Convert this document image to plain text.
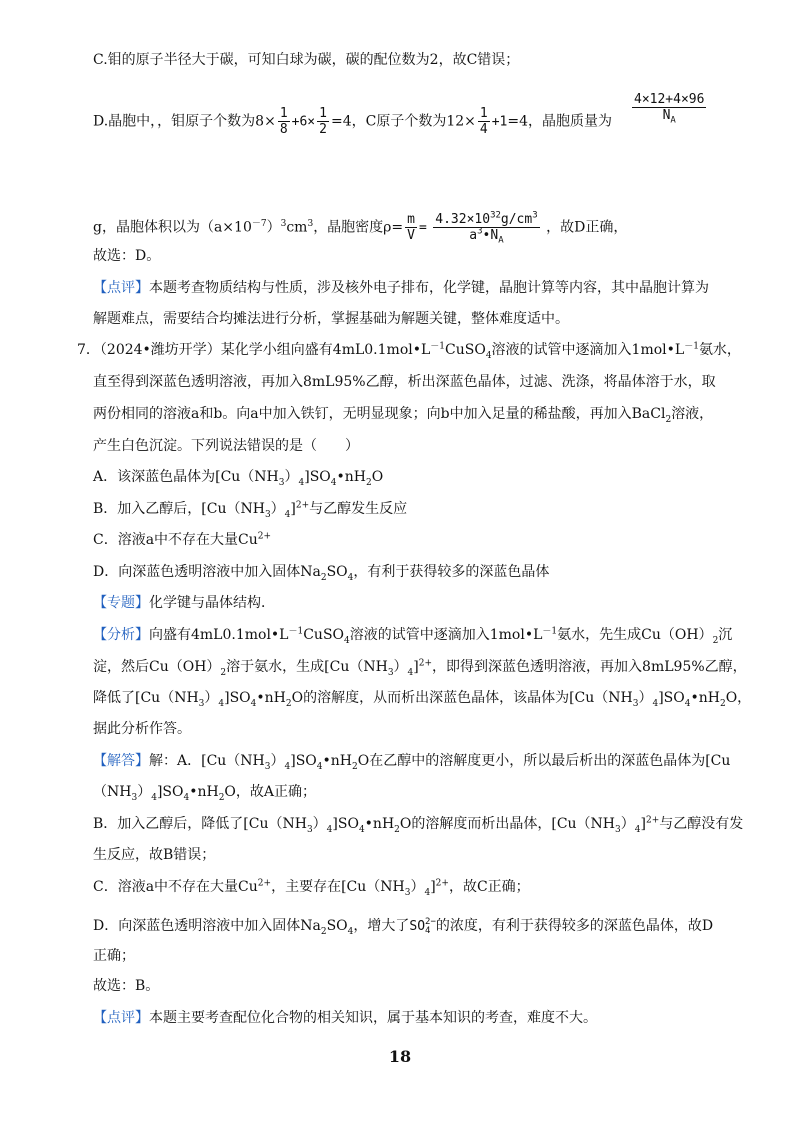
C.钼的原子半径大于碳，可知白球为碳，碳的配位数为2，故C错误；
D.晶胞中，，钼原子个数为$8\times \frac{1}{8} +6\times \frac{1}{2} =4$，C原子个数为$12\times \frac{1}{4} +1=4$，晶胞质量为 $\frac{4\times 12+4\times 96}{N_A}$
g，晶胞体积以为$(a\times 10^{-7})^3cm^3$，晶胞密度$\rho= \frac{m}{V} = \frac{4.32\times 10^{32}g/cm^3}{a^3•N_A}$ ，故D正确，
故选：D。
【点评】本题考查物质结构与性质，涉及核外电子排布，化学键，晶胞计算等内容，其中晶胞计算为
解题难点，需要结合均摊法进行分析，掌握基础为解题关键，整体难度适中。
7．（2024•潍坊开学）某化学小组向盛有$4mL0.1mol•L^{-1}CuSO_4$溶液的试管中逐滴加入$1mol•L^{-1}$氨水，
直至得到深蓝色透明溶液，再加入8mL95%乙醇，析出深蓝色晶体，过滤、洗涤，将晶体溶于水，取
两份相同的溶液a和b。向a中加入铁钉，无明显现象；向b中加入足量的稀盐酸，再加入BaCl$_2$溶液，
产生白色沉淀。下列说法错误的是（　　）
A．该深蓝色晶体为$[Cu(NH_3)_4]SO_4•nH_2O$
B．加入乙醇后，$[Cu(NH_3)_4]^{2+}$与乙醇发生反应
C．溶液a中不存在大量$Cu^{2+}$
D．向深蓝色透明溶液中加入固体$Na_2SO_4$，有利于获得较多的深蓝色晶体
【专题】化学键与晶体结构．
【分析】向盛有$4mL0.1mol•L^{-1}CuSO_4$溶液的试管中逐滴加入$1mol•L^{-1}$氨水，先生成$Cu(OH)_2$沉
淀，然后$Cu(OH)_2$溶于氨水，生成$[Cu(NH_3)_4]^{2+}$，即得到深蓝色透明溶液，再加入8mL95%乙醇，
降低了$[Cu(NH_3)_4]SO_4•nH_2O$的溶解度，从而析出深蓝色晶体，该晶体为$[Cu(NH_3)_4]SO_4•nH_2O$，
据此分析作答。
【解答】解：A．$[Cu(NH_3)_4]SO_4•nH_2O$在乙醇中的溶解度更小，所以最后析出的深蓝色晶体为[Cu
$(NH_3)_4]SO_4•nH_2O$，故A正确；
B．加入乙醇后，降低了$[Cu(NH_3)_4]SO_4•nH_2O$的溶解度而析出晶体，$[Cu(NH_3)_4]^{2+}$与乙醇没有发
生反应，故B错误；
C．溶液a中不存在大量$Cu^{2+}$，主要存在$[Cu(NH_3)_4]^{2+}$，故C正确；
D．向深蓝色透明溶液中加入固体$Na_2SO_4$，增大了SO 2−
4 的浓度，有利于获得较多的深蓝色晶体，故D
正确；
故选：B。
【点评】本题主要考查配位化合物的相关知识，属于基本知识的考查，难度不大。
18
